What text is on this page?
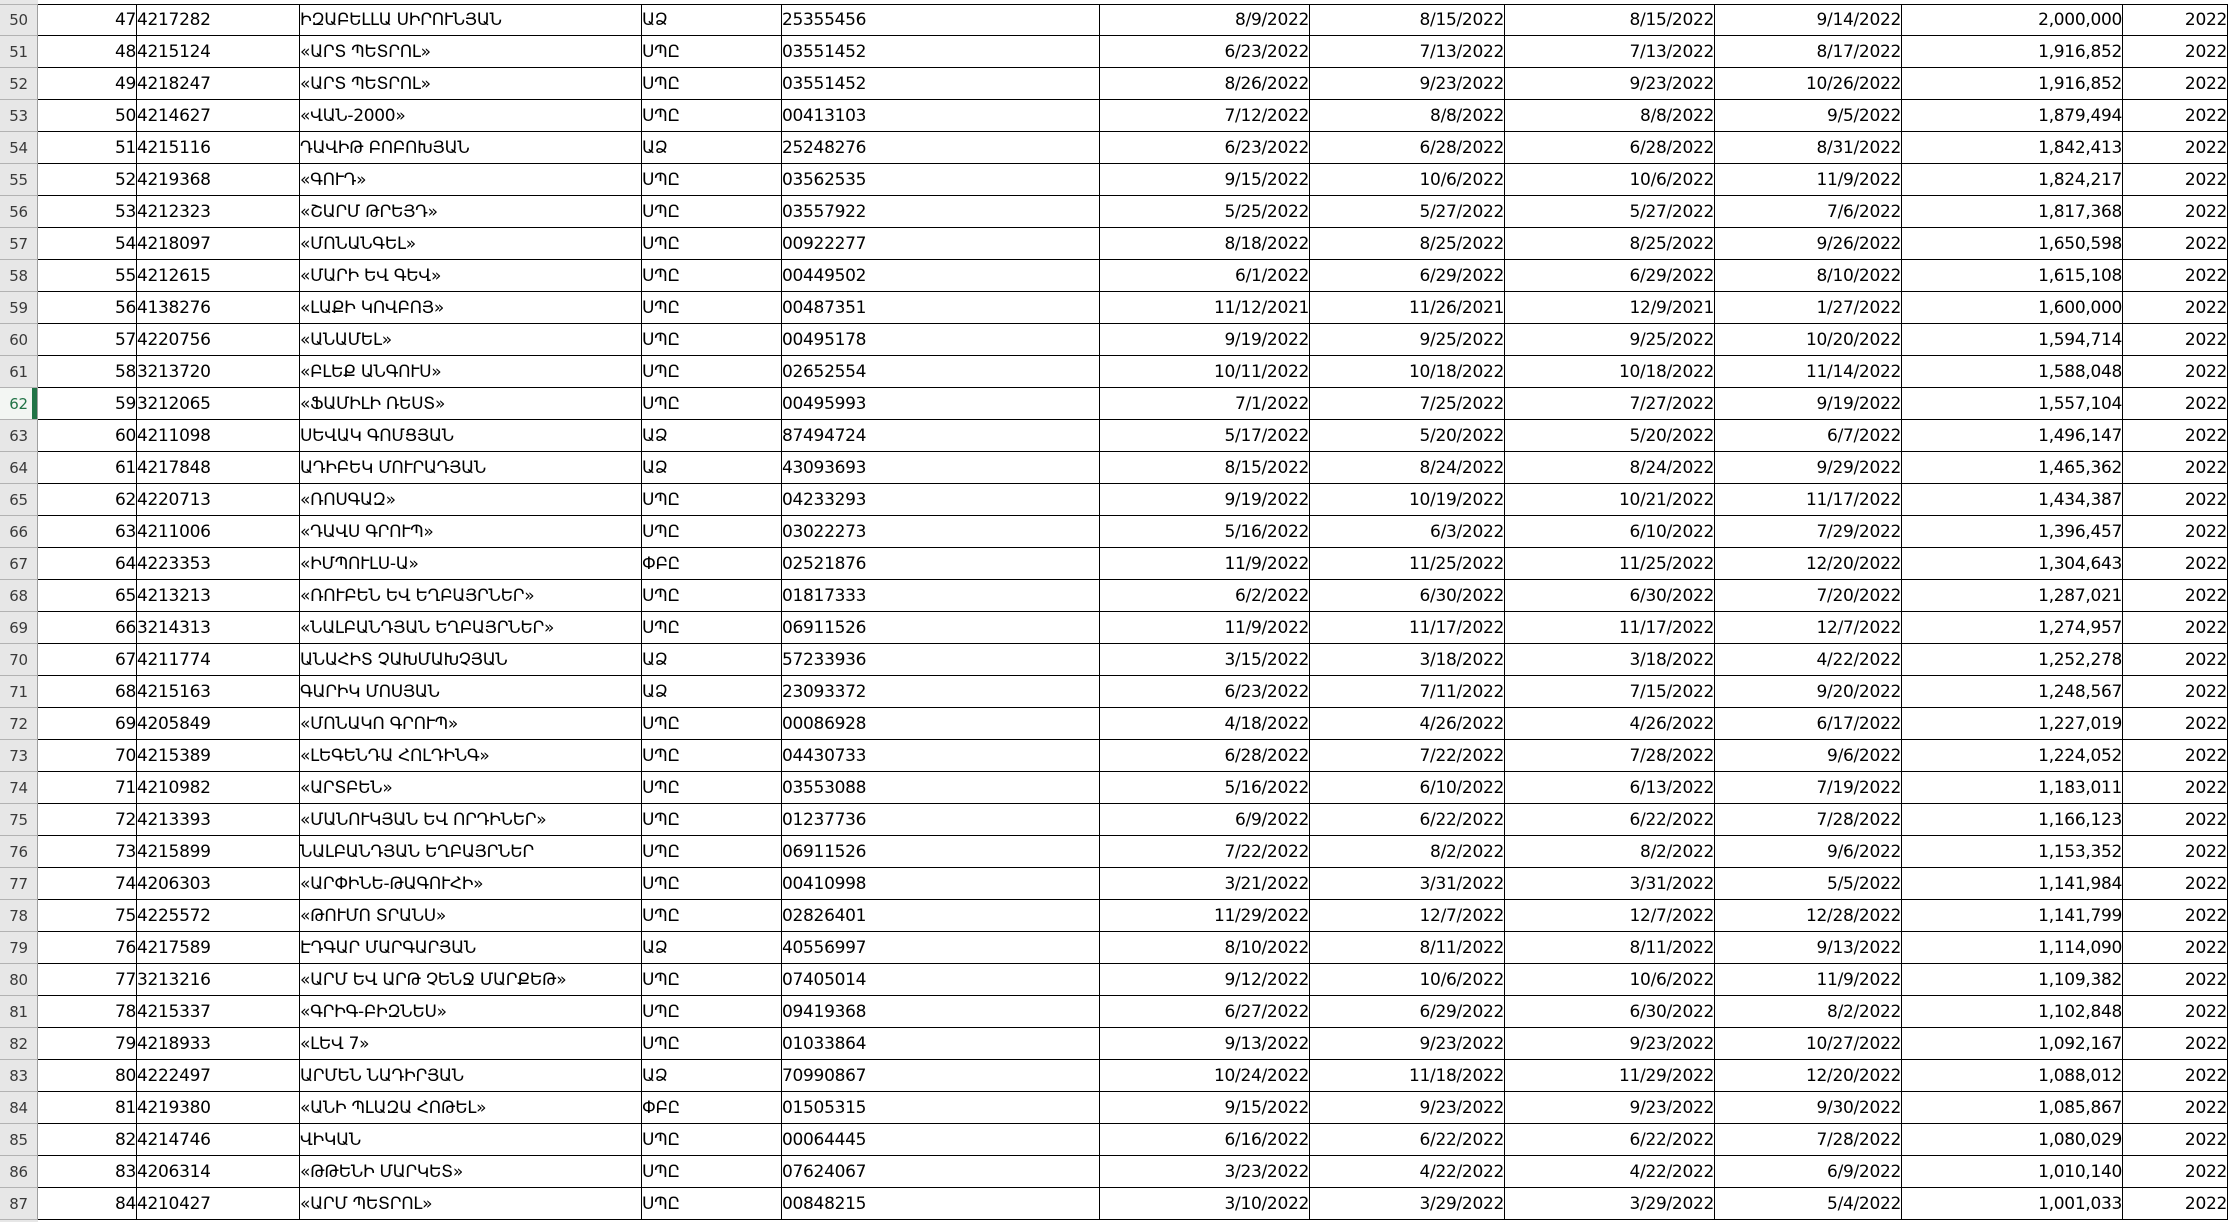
50	47	4217282	ԻԶԱԲԵԼԼԱ ՍԻՐՈՒՆՅԱՆ	ԱՁ	25355456	8/9/2022	8/15/2022	8/15/2022	9/14/2022	2,000,000	2022
51	48	4215124	«ԱՐՏ ՊԵՏՐՈԼ»	ՍՊԸ	03551452	6/23/2022	7/13/2022	7/13/2022	8/17/2022	1,916,852	2022
52	49	4218247	«ԱՐՏ ՊԵՏՐՈԼ»	ՍՊԸ	03551452	8/26/2022	9/23/2022	9/23/2022	10/26/2022	1,916,852	2022
53	50	4214627	«ՎԱՆ-2000»	ՍՊԸ	00413103	7/12/2022	8/8/2022	8/8/2022	9/5/2022	1,879,494	2022
54	51	4215116	ԴԱՎԻԹ ԲՈԲՈԽՅԱՆ	ԱՁ	25248276	6/23/2022	6/28/2022	6/28/2022	8/31/2022	1,842,413	2022
55	52	4219368	«ԳՈՒԴ»	ՍՊԸ	03562535	9/15/2022	10/6/2022	10/6/2022	11/9/2022	1,824,217	2022
56	53	4212323	«ՇԱՐՄ ԹՐԵՅԴ»	ՍՊԸ	03557922	5/25/2022	5/27/2022	5/27/2022	7/6/2022	1,817,368	2022
57	54	4218097	«ՄՈՆԱՆԳԵԼ»	ՍՊԸ	00922277	8/18/2022	8/25/2022	8/25/2022	9/26/2022	1,650,598	2022
58	55	4212615	«ՄԱՐԻ ԵՎ ԳԵՎ»	ՍՊԸ	00449502	6/1/2022	6/29/2022	6/29/2022	8/10/2022	1,615,108	2022
59	56	4138276	«ԼԱՔԻ ԿՈՎԲՈՅ»	ՍՊԸ	00487351	11/12/2021	11/26/2021	12/9/2021	1/27/2022	1,600,000	2022
60	57	4220756	«ԱՆԱՄԵԼ»	ՍՊԸ	00495178	9/19/2022	9/25/2022	9/25/2022	10/20/2022	1,594,714	2022
61	58	3213720	«ԲԼԵՔ ԱՆԳՈՒՍ»	ՍՊԸ	02652554	10/11/2022	10/18/2022	10/18/2022	11/14/2022	1,588,048	2022
62	59	3212065	«ՖԱՄԻԼԻ ՌԵՍՏ»	ՍՊԸ	00495993	7/1/2022	7/25/2022	7/27/2022	9/19/2022	1,557,104	2022
63	60	4211098	ՍԵՎԱԿ ԳՈՄՑՅԱՆ	ԱՁ	87494724	5/17/2022	5/20/2022	5/20/2022	6/7/2022	1,496,147	2022
64	61	4217848	ԱԴԻԲԵԿ ՄՈՒՐԱԴՅԱՆ	ԱՁ	43093693	8/15/2022	8/24/2022	8/24/2022	9/29/2022	1,465,362	2022
65	62	4220713	«ՌՈՍԳԱԶ»	ՍՊԸ	04233293	9/19/2022	10/19/2022	10/21/2022	11/17/2022	1,434,387	2022
66	63	4211006	«ԴԱՎՍ ԳՐՈՒՊ»	ՍՊԸ	03022273	5/16/2022	6/3/2022	6/10/2022	7/29/2022	1,396,457	2022
67	64	4223353	«ԻՄՊՈՒԼՍ-Ա»	ՓԲԸ	02521876	11/9/2022	11/25/2022	11/25/2022	12/20/2022	1,304,643	2022
68	65	4213213	«ՌՈՒԲԵՆ ԵՎ ԵՂԲԱՅՐՆԵՐ»	ՍՊԸ	01817333	6/2/2022	6/30/2022	6/30/2022	7/20/2022	1,287,021	2022
69	66	3214313	«ՆԱԼԲԱՆԴՅԱՆ ԵՂԲԱՅՐՆԵՐ»	ՍՊԸ	06911526	11/9/2022	11/17/2022	11/17/2022	12/7/2022	1,274,957	2022
70	67	4211774	ԱՆԱՀԻՏ ՉԱԽՄԱԽՉՅԱՆ	ԱՁ	57233936	3/15/2022	3/18/2022	3/18/2022	4/22/2022	1,252,278	2022
71	68	4215163	ԳԱՐԻԿ ՄՈՍՅԱՆ	ԱՁ	23093372	6/23/2022	7/11/2022	7/15/2022	9/20/2022	1,248,567	2022
72	69	4205849	«ՄՈՆԱԿՈ ԳՐՈՒՊ»	ՍՊԸ	00086928	4/18/2022	4/26/2022	4/26/2022	6/17/2022	1,227,019	2022
73	70	4215389	«ԼԵԳԵՆԴԱ ՀՈԼԴԻՆԳ»	ՍՊԸ	04430733	6/28/2022	7/22/2022	7/28/2022	9/6/2022	1,224,052	2022
74	71	4210982	«ԱՐՏԲԵՆ»	ՍՊԸ	03553088	5/16/2022	6/10/2022	6/13/2022	7/19/2022	1,183,011	2022
75	72	4213393	«ՄԱՆՈՒԿՅԱՆ ԵՎ ՈՐԴԻՆԵՐ»	ՍՊԸ	01237736	6/9/2022	6/22/2022	6/22/2022	7/28/2022	1,166,123	2022
76	73	4215899	ՆԱԼԲԱՆԴՅԱՆ ԵՂԲԱՅՐՆԵՐ	ՍՊԸ	06911526	7/22/2022	8/2/2022	8/2/2022	9/6/2022	1,153,352	2022
77	74	4206303	«ԱՐՓԻՆԵ-ԹԱԳՈՒՀԻ»	ՍՊԸ	00410998	3/21/2022	3/31/2022	3/31/2022	5/5/2022	1,141,984	2022
78	75	4225572	«ԹՈՒՄՈ ՏՐԱՆՍ»	ՍՊԸ	02826401	11/29/2022	12/7/2022	12/7/2022	12/28/2022	1,141,799	2022
79	76	4217589	ԷԴԳԱՐ ՄԱՐԳԱՐՅԱՆ	ԱՁ	40556997	8/10/2022	8/11/2022	8/11/2022	9/13/2022	1,114,090	2022
80	77	3213216	«ԱՐՄ ԵՎ ԱՐԹ ՉԵՆՋ ՄԱՐՔԵԹ»	ՍՊԸ	07405014	9/12/2022	10/6/2022	10/6/2022	11/9/2022	1,109,382	2022
81	78	4215337	«ԳՐԻԳ-ԲԻԶՆԵՍ»	ՍՊԸ	09419368	6/27/2022	6/29/2022	6/30/2022	8/2/2022	1,102,848	2022
82	79	4218933	«ԼԵՎ 7»	ՍՊԸ	01033864	9/13/2022	9/23/2022	9/23/2022	10/27/2022	1,092,167	2022
83	80	4222497	ԱՐՄԵՆ ՆԱԴԻՐՅԱՆ	ԱՁ	70990867	10/24/2022	11/18/2022	11/29/2022	12/20/2022	1,088,012	2022
84	81	4219380	«ԱՆԻ ՊԼԱԶԱ ՀՈԹԵԼ»	ՓԲԸ	01505315	9/15/2022	9/23/2022	9/23/2022	9/30/2022	1,085,867	2022
85	82	4214746	ՎԻԿԱՆ	ՍՊԸ	00064445	6/16/2022	6/22/2022	6/22/2022	7/28/2022	1,080,029	2022
86	83	4206314	«ԹԹԵՆԻ ՄԱՐԿԵՏ»	ՍՊԸ	07624067	3/23/2022	4/22/2022	4/22/2022	6/9/2022	1,010,140	2022
87	84	4210427	«ԱՐՄ ՊԵՏՐՈԼ»	ՍՊԸ	00848215	3/10/2022	3/29/2022	3/29/2022	5/4/2022	1,001,033	2022
